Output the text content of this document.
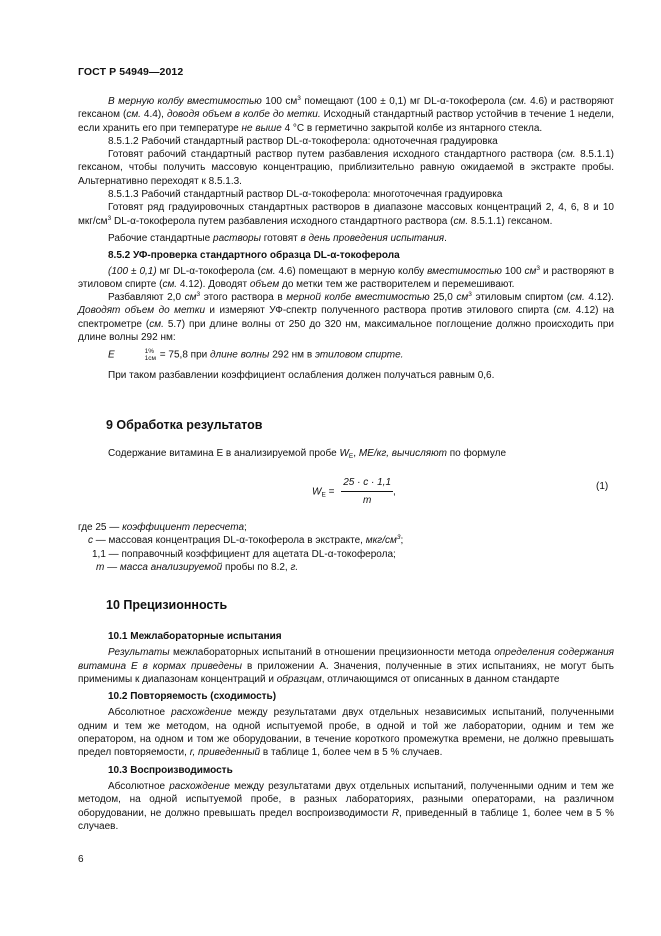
ГОСТ Р 54949—2012

В мерную колбу вместимостью 100 $см^3$ помещают (100 ± 0,1) мг DL-α-токоферола (см. 4.6) и растворяют гексаном (см. 4.4), доводя объем в колбе до метки. Исходный стандартный раствор устойчив в течение 1 недели, если хранить его при температуре не выше 4 °С в герметично закрытой колбе из янтарного стекла.

8.5.1.2 Рабочий стандартный раствор DL-α-токоферола: одноточечная градуировка

Готовят рабочий стандартный раствор путем разбавления исходного стандартного раствора (см. 8.5.1.1) гексаном, чтобы получить массовую концентрацию, приблизительно равную ожидаемой в экстракте пробы. Альтернативно переходят к 8.5.1.3.

8.5.1.3 Рабочий стандартный раствор DL-α-токоферола: многоточечная градуировка

Готовят ряд градуировочных стандартных растворов в диапазоне массовых концентраций 2, 4, 6, 8 и 10 мкг/$см^3$ DL-α-токоферола путем разбавления исходного стандартного раствора (см. 8.5.1.1) гексаном.

Рабочие стандартные растворы готовят в день проведения испытания.

8.5.2 УФ-проверка стандартного образца DL-α-токоферола

(100 ± 0,1) мг DL-α-токоферола (см. 4.6) помещают в мерную колбу вместимостью 100 $см^3$ и растворяют в этиловом спирте (см. 4.12). Доводят объем до метки тем же растворителем и перемешивают.

Разбавляют 2,0 $см^3$ этого раствора в мерной колбе вместимостью 25,0 $см^3$ этиловым спиртом (см. 4.12). Доводят объем до метки и измеряют УФ-спектр полученного раствора против этилового спирта (см. 4.12) на спектрометре (см. 5.7) при длине волны от 250 до 320 нм, максимальное поглощение должно происходить при длине волны 292 нм:

E	1%
1см = 75,8 при длине волны 292 нм в этиловом спирте.

При таком разбавлении коэффициент ослабления должен получаться равным 0,6.

9 Обработка результатов

Содержание витамина Е в анализируемой пробе $W_E$, МЕ/кг, вычисляют по формуле

$W_E = \frac{25 \cdot c \cdot 1,1}{m}$ ,	(1)

где 25 — коэффициент пересчета;

c — массовая концентрация DL-α-токоферола в экстракте, мкг/$см^3$;

1,1 — поправочный коэффициент для ацетата DL-α-токоферола;

m — масса анализируемой пробы по 8.2, г.

10 Прецизионность

10.1 Межлабораторные испытания

Результаты межлабораторных испытаний в отношении прецизионности метода определения содержания витамина Е в кормах приведены в приложении А. Значения, полученные в этих испытаниях, не могут быть применимы к диапазонам концентраций и образцам, отличающимся от описанных в данном стандарте

10.2 Повторяемость (сходимость)

Абсолютное расхождение между результатами двух отдельных независимых испытаний, полученными одним и тем же методом, на одной испытуемой пробе, в одной и той же лаборатории, одним и тем же оператором, на одном и том же оборудовании, в течение короткого промежутка времени, не должно превышать предел повторяемости, r, приведенный в таблице 1, более чем в 5 % случаев.

10.3 Воспроизводимость

Абсолютное расхождение между результатами двух отдельных испытаний, полученными одним и тем же методом, на одной испытуемой пробе, в разных лабораториях, разными операторами, на различном оборудовании, не должно превышать предел воспроизводимости R, приведенный в таблице 1, более чем в 5 % случаев.

6
